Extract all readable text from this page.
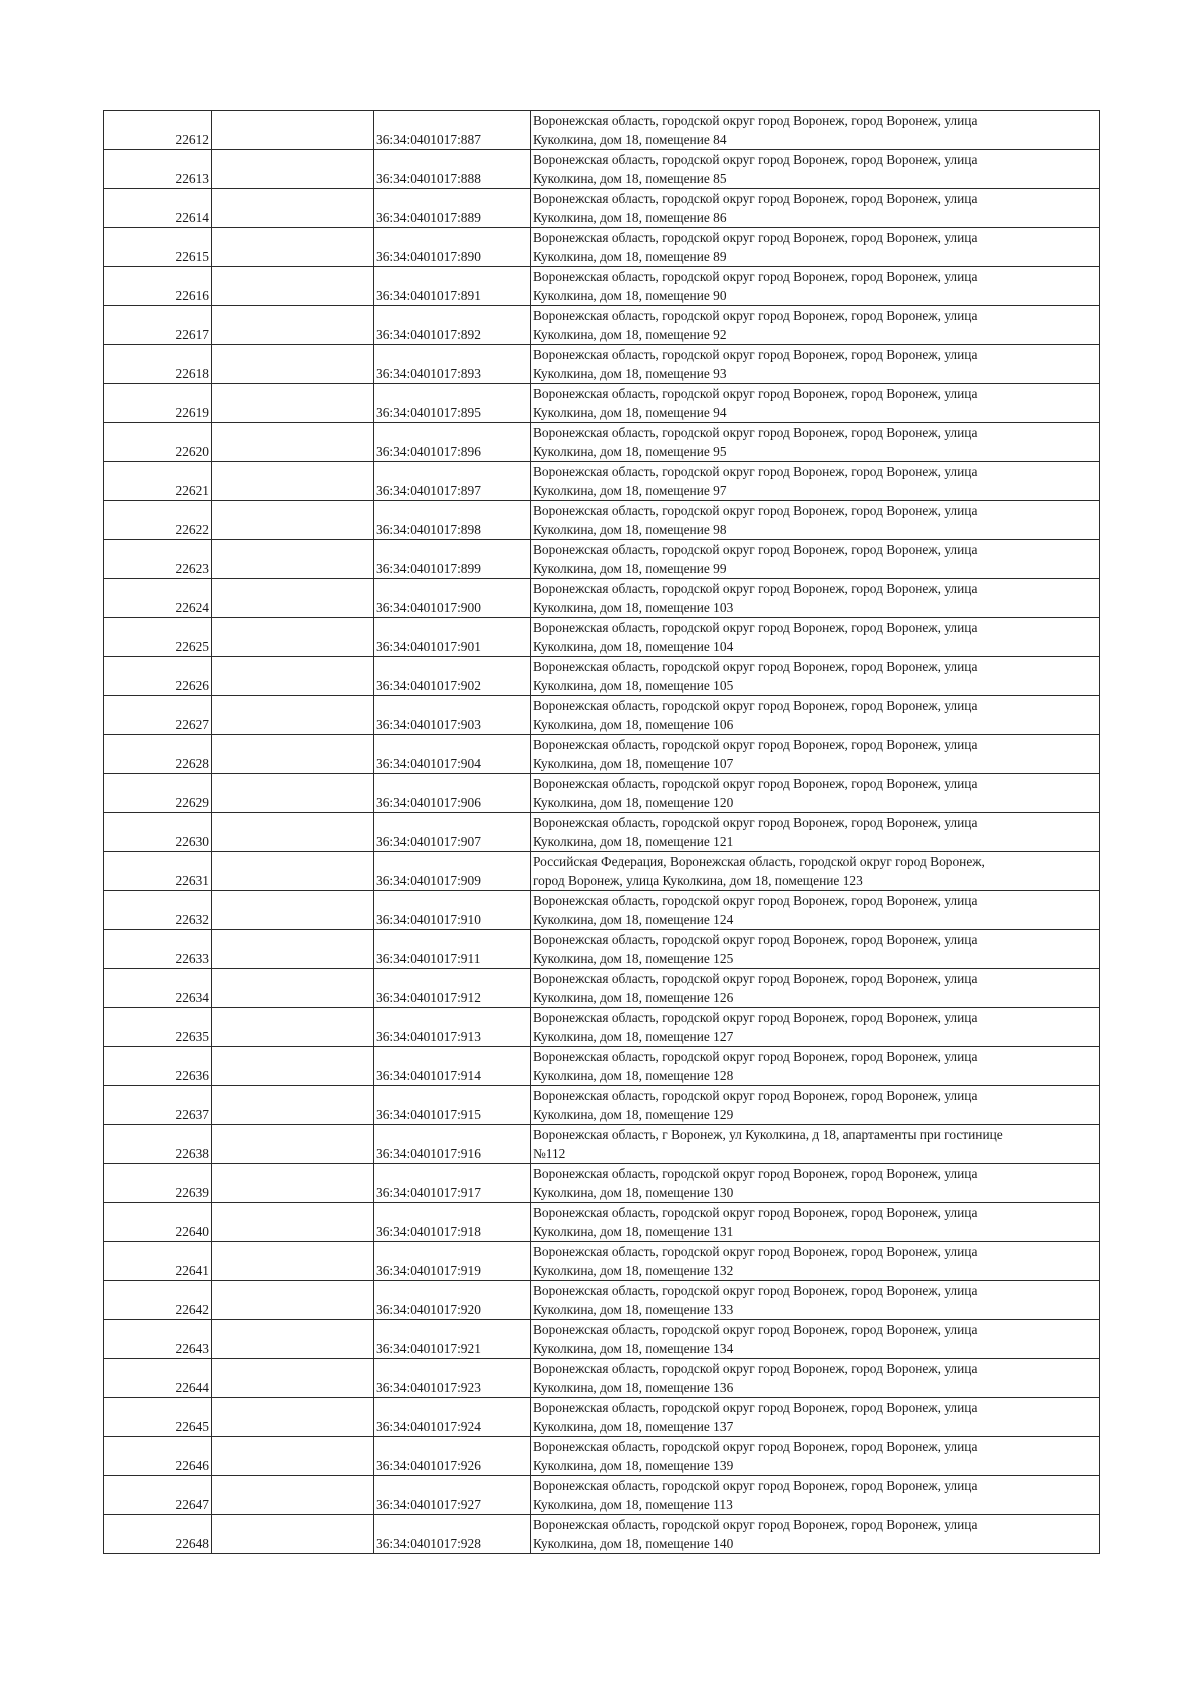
22612		36:34:0401017:887	Воронежская область, городской округ город Воронеж, город Воронеж, улица
Куколкина, дом 18, помещение 84

22613		36:34:0401017:888	Воронежская область, городской округ город Воронеж, город Воронеж, улица
Куколкина, дом 18, помещение 85

22614		36:34:0401017:889	Воронежская область, городской округ город Воронеж, город Воронеж, улица
Куколкина, дом 18, помещение 86

22615		36:34:0401017:890	Воронежская область, городской округ город Воронеж, город Воронеж, улица
Куколкина, дом 18, помещение 89

22616		36:34:0401017:891	Воронежская область, городской округ город Воронеж, город Воронеж, улица
Куколкина, дом 18, помещение 90

22617		36:34:0401017:892	Воронежская область, городской округ город Воронеж, город Воронеж, улица
Куколкина, дом 18, помещение 92

22618		36:34:0401017:893	Воронежская область, городской округ город Воронеж, город Воронеж, улица
Куколкина, дом 18, помещение 93

22619		36:34:0401017:895	Воронежская область, городской округ город Воронеж, город Воронеж, улица
Куколкина, дом 18, помещение 94

22620		36:34:0401017:896	Воронежская область, городской округ город Воронеж, город Воронеж, улица
Куколкина, дом 18, помещение 95

22621		36:34:0401017:897	Воронежская область, городской округ город Воронеж, город Воронеж, улица
Куколкина, дом 18, помещение 97

22622		36:34:0401017:898	Воронежская область, городской округ город Воронеж, город Воронеж, улица
Куколкина, дом 18, помещение 98

22623		36:34:0401017:899	Воронежская область, городской округ город Воронеж, город Воронеж, улица
Куколкина, дом 18, помещение 99

22624		36:34:0401017:900	Воронежская область, городской округ город Воронеж, город Воронеж, улица
Куколкина, дом 18, помещение 103

22625		36:34:0401017:901	Воронежская область, городской округ город Воронеж, город Воронеж, улица
Куколкина, дом 18, помещение 104

22626		36:34:0401017:902	Воронежская область, городской округ город Воронеж, город Воронеж, улица
Куколкина, дом 18, помещение 105

22627		36:34:0401017:903	Воронежская область, городской округ город Воронеж, город Воронеж, улица
Куколкина, дом 18, помещение 106

22628		36:34:0401017:904	Воронежская область, городской округ город Воронеж, город Воронеж, улица
Куколкина, дом 18, помещение 107

22629		36:34:0401017:906	Воронежская область, городской округ город Воронеж, город Воронеж, улица
Куколкина, дом 18, помещение 120

22630		36:34:0401017:907	Воронежская область, городской округ город Воронеж, город Воронеж, улица
Куколкина, дом 18, помещение 121

22631		36:34:0401017:909	Российская Федерация, Воронежская область, городской округ город Воронеж,
город Воронеж, улица Куколкина, дом 18, помещение 123

22632		36:34:0401017:910	Воронежская область, городской округ город Воронеж, город Воронеж, улица
Куколкина, дом 18, помещение 124

22633		36:34:0401017:911	Воронежская область, городской округ город Воронеж, город Воронеж, улица
Куколкина, дом 18, помещение 125

22634		36:34:0401017:912	Воронежская область, городской округ город Воронеж, город Воронеж, улица
Куколкина, дом 18, помещение 126

22635		36:34:0401017:913	Воронежская область, городской округ город Воронеж, город Воронеж, улица
Куколкина, дом 18, помещение 127

22636		36:34:0401017:914	Воронежская область, городской округ город Воронеж, город Воронеж, улица
Куколкина, дом 18, помещение 128

22637		36:34:0401017:915	Воронежская область, городской округ город Воронеж, город Воронеж, улица
Куколкина, дом 18, помещение 129

22638		36:34:0401017:916	Воронежская область, г Воронеж, ул Куколкина, д 18, апартаменты при гостинице
№112

22639		36:34:0401017:917	Воронежская область, городской округ город Воронеж, город Воронеж, улица
Куколкина, дом 18, помещение 130

22640		36:34:0401017:918	Воронежская область, городской округ город Воронеж, город Воронеж, улица
Куколкина, дом 18, помещение 131

22641		36:34:0401017:919	Воронежская область, городской округ город Воронеж, город Воронеж, улица
Куколкина, дом 18, помещение 132

22642		36:34:0401017:920	Воронежская область, городской округ город Воронеж, город Воронеж, улица
Куколкина, дом 18, помещение 133

22643		36:34:0401017:921	Воронежская область, городской округ город Воронеж, город Воронеж, улица
Куколкина, дом 18, помещение 134

22644		36:34:0401017:923	Воронежская область, городской округ город Воронеж, город Воронеж, улица
Куколкина, дом 18, помещение 136

22645		36:34:0401017:924	Воронежская область, городской округ город Воронеж, город Воронеж, улица
Куколкина, дом 18, помещение 137

22646		36:34:0401017:926	Воронежская область, городской округ город Воронеж, город Воронеж, улица
Куколкина, дом 18, помещение 139

22647		36:34:0401017:927	Воронежская область, городской округ город Воронеж, город Воронеж, улица
Куколкина, дом 18, помещение 113

22648		36:34:0401017:928	Воронежская область, городской округ город Воронеж, город Воронеж, улица
Куколкина, дом 18, помещение 140
